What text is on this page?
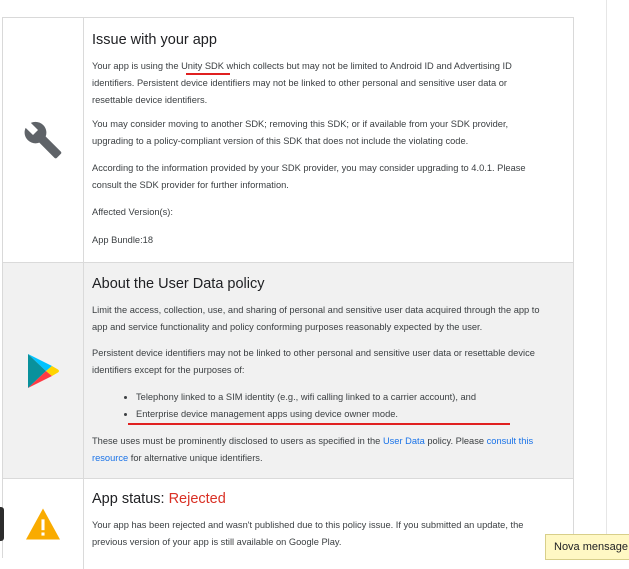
Issue with your app

Your app is using the Unity SDK which collects but may not be limited to Android ID and Advertising ID
identifiers. Persistent device identifiers may not be linked to other personal and sensitive user data or
resettable device identifiers.

You may consider moving to another SDK; removing this SDK; or if available from your SDK provider,
upgrading to a policy-compliant version of this SDK that does not include the violating code.

According to the information provided by your SDK provider, you may consider upgrading to 4.0.1. Please
consult the SDK provider for further information.

Affected Version(s):

App Bundle:18

About the User Data policy

Limit the access, collection, use, and sharing of personal and sensitive user data acquired through the app to
app and service functionality and policy conforming purposes reasonably expected by the user.

Persistent device identifiers may not be linked to other personal and sensitive user data or resettable device
identifiers except for the purposes of:

• Telephony linked to a SIM identity (e.g., wifi calling linked to a carrier account), and
• Enterprise device management apps using device owner mode.

These uses must be prominently disclosed to users as specified in the User Data policy. Please consult this
resource for alternative unique identifiers.

App status: Rejected

Your app has been rejected and wasn't published due to this policy issue. If you submitted an update, the
previous version of your app is still available on Google Play.	Nova mensage
